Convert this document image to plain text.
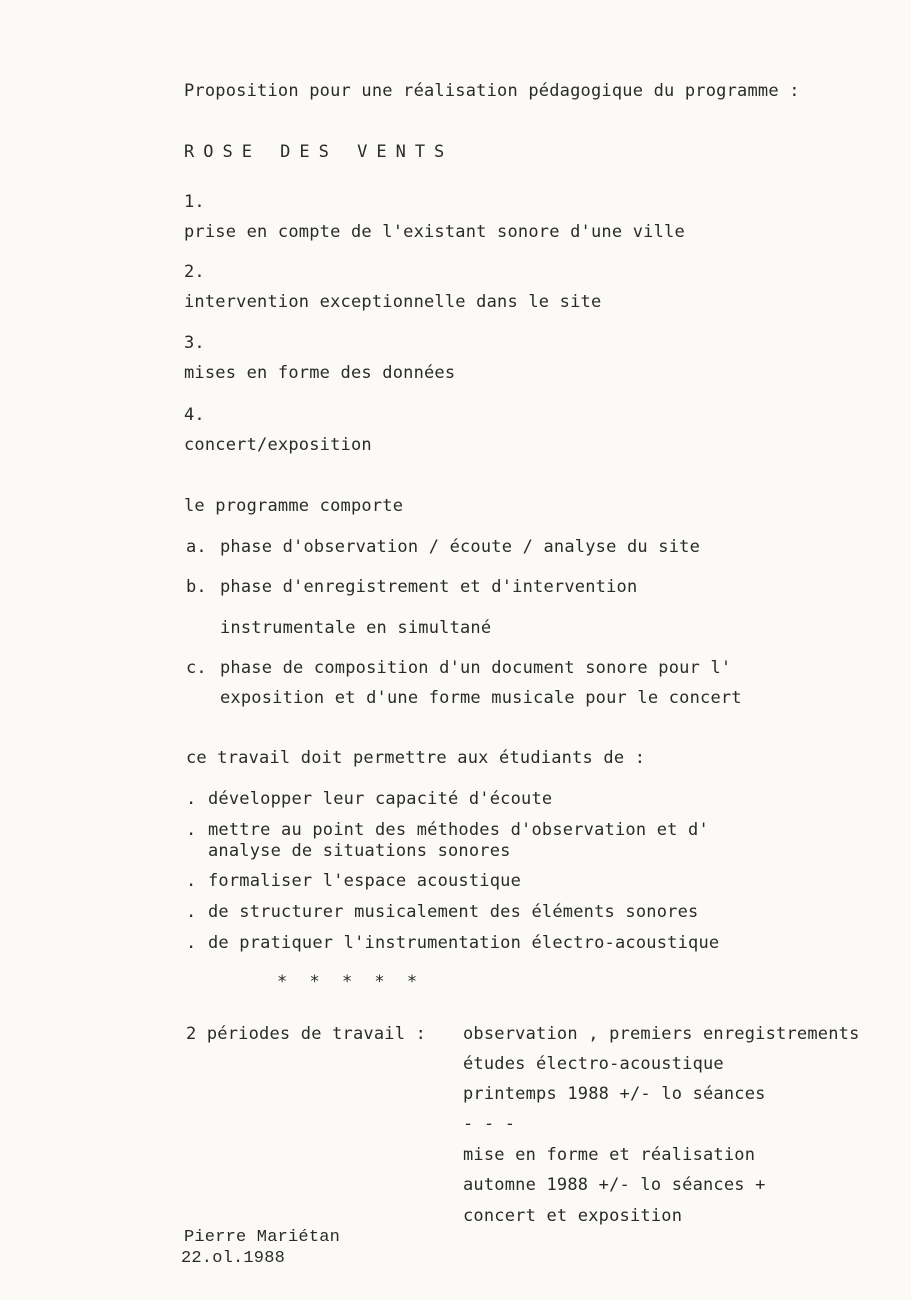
Proposition pour une réalisation pédagogique du programme :
ROSE DES VENTS
1.
prise en compte de l'existant sonore d'une ville
2.
intervention exceptionnelle dans le site
3.
mises en forme des données
4.
concert/exposition
le programme comporte
a. phase d'observation / écoute / analyse du site
b. phase d'enregistrement et d'intervention
instrumentale en simultané
c. phase de composition d'un document sonore pour l'
exposition et d'une forme musicale pour le concert
ce travail doit permettre aux étudiants de :
. développer leur capacité d'écoute
. mettre au point des méthodes d'observation et d'
analyse de situations sonores
. formaliser l'espace acoustique
. de structurer musicalement des éléments sonores
. de pratiquer l'instrumentation électro-acoustique
* * * * *
2 périodes de travail : observation , premiers enregistrements
études électro-acoustique
printemps 1988 +/- lo séances
- - -
mise en forme et réalisation
automne 1988 +/- lo séances +
concert et exposition
Pierre Mariétan
22.ol.1988
